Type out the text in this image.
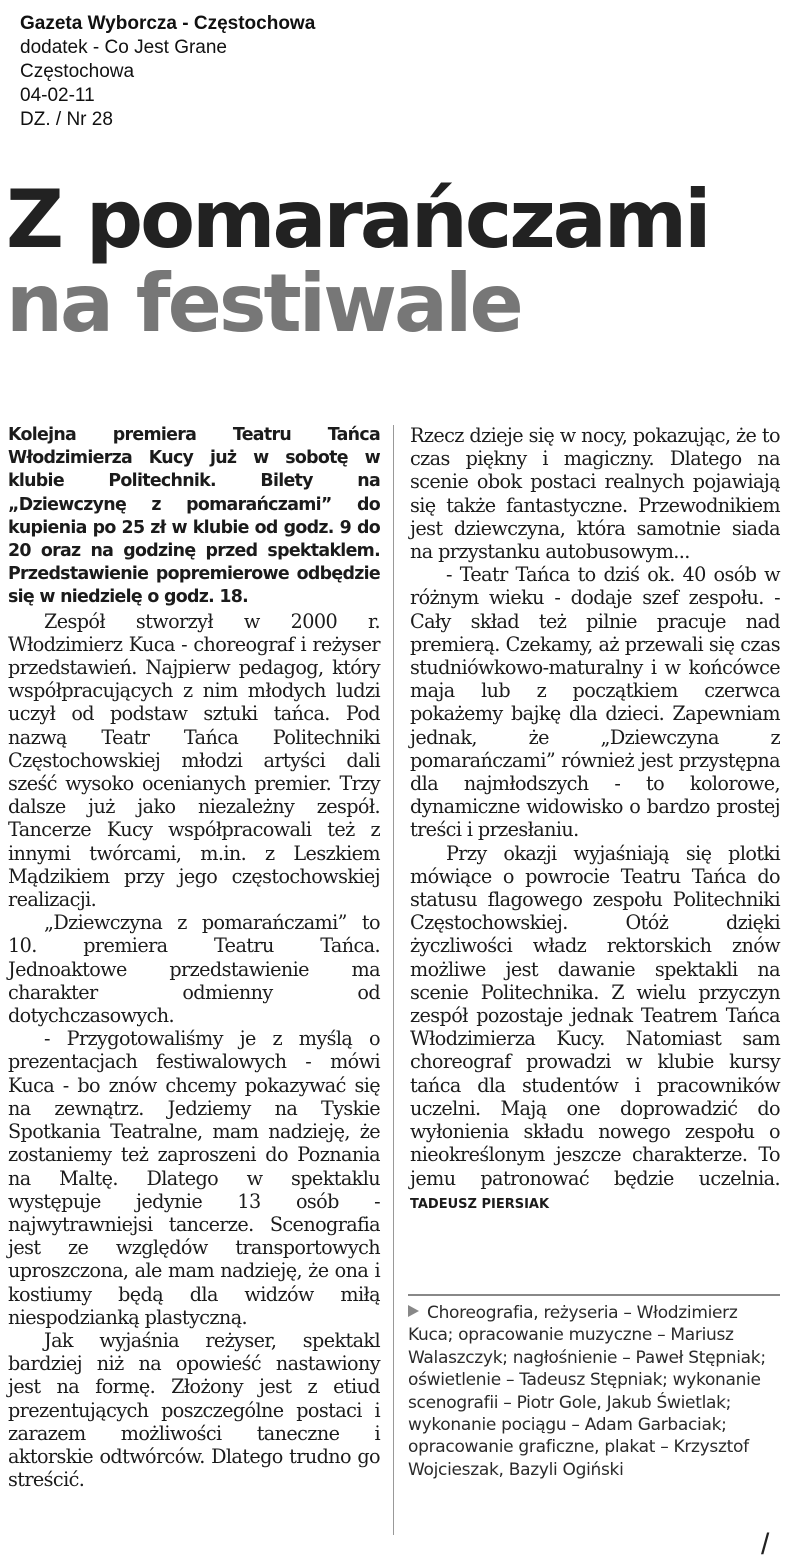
Gazeta Wyborcza - Częstochowa
dodatek - Co Jest Grane
Częstochowa
04-02-11
DZ. / Nr 28
Z pomarańczami
na festiwale

Kolejna premiera Teatru Tańca Włodzimierza Kucy już w sobotę w klubie Politechnik. Bilety na „Dziewczynę z pomarańczami” do kupienia po 25 zł w klubie od godz. 9 do 20 oraz na godzinę przed spektaklem. Przedstawienie popremierowe odbędzie się w niedzielę o godz. 18.

Zespół stworzył w 2000 r. Włodzimierz Kuca - choreograf i reżyser przedstawień. Najpierw pedagog, który współpracujących z nim młodych ludzi uczył od podstaw sztuki tańca. Pod nazwą Teatr Tańca Politechniki Częstochowskiej młodzi artyści dali sześć wysoko ocenianych premier. Trzy dalsze już jako niezależny zespół. Tancerze Kucy współpracowali też z innymi twórcami, m.in. z Leszkiem Mądzikiem przy jego częstochowskiej realizacji.

„Dziewczyna z pomarańczami” to 10. premiera Teatru Tańca. Jednoaktowe przedstawienie ma charakter odmienny od dotychczasowych.

- Przygotowaliśmy je z myślą o prezentacjach festiwalowych - mówi Kuca - bo znów chcemy pokazywać się na zewnątrz. Jedziemy na Tyskie Spotkania Teatralne, mam nadzieję, że zostaniemy też zaproszeni do Poznania na Maltę. Dlatego w spektaklu występuje jedynie 13 osób - najwytrawniejsi tancerze. Scenografia jest ze względów transportowych uproszczona, ale mam nadzieję, że ona i kostiumy będą dla widzów miłą niespodzianką plastyczną.

Jak wyjaśnia reżyser, spektakl bardziej niż na opowieść nastawiony jest na formę. Złożony jest z etiud prezentujących poszczególne postaci i zarazem możliwości taneczne i aktorskie odtwórców. Dlatego trudno go streścić.

Rzecz dzieje się w nocy, pokazując, że to czas piękny i magiczny. Dlatego na scenie obok postaci realnych pojawiają się także fantastyczne. Przewodnikiem jest dziewczyna, która samotnie siada na przystanku autobusowym...

- Teatr Tańca to dziś ok. 40 osób w różnym wieku - dodaje szef zespołu. - Cały skład też pilnie pracuje nad premierą. Czekamy, aż przewali się czas studniówkowo-maturalny i w końcówce maja lub z początkiem czerwca pokażemy bajkę dla dzieci. Zapewniam jednak, że „Dziewczyna z pomarańczami” również jest przystępna dla najmłodszych - to kolorowe, dynamiczne widowisko o bardzo prostej treści i przesłaniu.

Przy okazji wyjaśniają się plotki mówiące o powrocie Teatru Tańca do statusu flagowego zespołu Politechniki Częstochowskiej. Otóż dzięki życzliwości władz rektorskich znów możliwe jest dawanie spektakli na scenie Politechnika. Z wielu przyczyn zespół pozostaje jednak Teatrem Tańca Włodzimierza Kucy. Natomiast sam choreograf prowadzi w klubie kursy tańca dla studentów i pracowników uczelni. Mają one doprowadzić do wyłonienia składu nowego zespołu o nieokreślonym jeszcze charakterze. To jemu patronować będzie uczelnia. TADEUSZ PIERSIAK

Choreografia, reżyseria – Włodzimierz Kuca; opracowanie muzyczne – Mariusz Walaszczyk; nagłośnienie – Paweł Stępniak; oświetlenie – Tadeusz Stępniak; wykonanie scenografii – Piotr Gole, Jakub Świetlak; wykonanie pociągu – Adam Garbaciak; opracowanie graficzne, plakat – Krzysztof Wojcieszak, Bazyli Ogiński
/
